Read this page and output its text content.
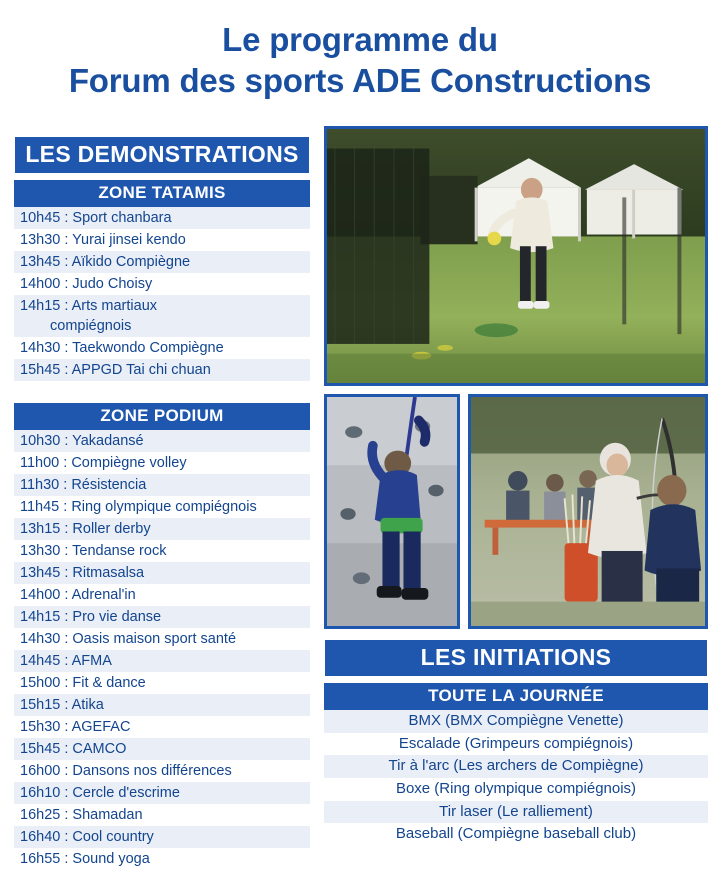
Le programme du
Forum des sports ADE Constructions
LES DEMONSTRATIONS
ZONE TATAMIS
10h45 : Sport chanbara
13h30 : Yurai jinsei kendo
13h45 : Aïkido Compiègne
14h00 : Judo Choisy
14h15 : Arts martiaux
compiégnois
14h30 : Taekwondo Compiègne
15h45 : APPGD Tai chi chuan
ZONE PODIUM
10h30 : Yakadansé
11h00 : Compiègne volley
11h30 : Résistencia
11h45 : Ring olympique compiégnois
13h15 : Roller derby
13h30 : Tendanse rock
13h45 : Ritmasalsa
14h00 : Adrenal'in
14h15 : Pro vie danse
14h30 : Oasis maison sport santé
14h45 : AFMA
15h00 : Fit & dance
15h15 : Atika
15h30 : AGEFAC
15h45 : CAMCO
16h00 : Dansons nos différences
16h10 : Cercle d'escrime
16h25 : Shamadan
16h40 : Cool country
16h55 : Sound yoga
LES INITIATIONS
TOUTE LA JOURNÉE
BMX (BMX Compiègne Venette)
Escalade (Grimpeurs compiégnois)
Tir à l'arc (Les archers de Compiègne)
Boxe (Ring olympique compiégnois)
Tir laser (Le ralliement)
Baseball (Compiègne baseball club)
